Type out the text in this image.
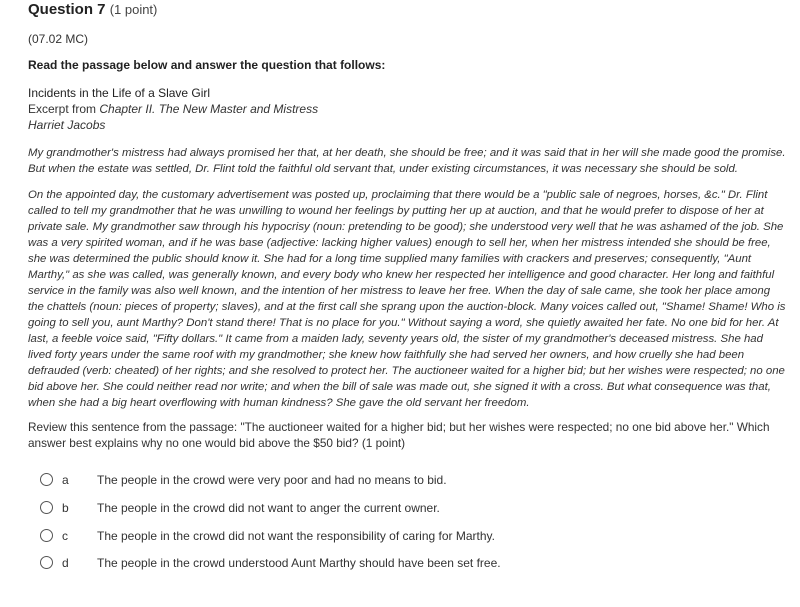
Question 7 (1 point)
(07.02 MC)
Read the passage below and answer the question that follows:
Incidents in the Life of a Slave Girl
Excerpt from Chapter II. The New Master and Mistress
Harriet Jacobs

My grandmother's mistress had always promised her that, at her death, she should be free; and it was said that in her will she made good the promise. But when the estate was settled, Dr. Flint told the faithful old servant that, under existing circumstances, it was necessary she should be sold.

On the appointed day, the customary advertisement was posted up, proclaiming that there would be a "public sale of negroes, horses, &c." Dr. Flint called to tell my grandmother that he was unwilling to wound her feelings by putting her up at auction, and that he would prefer to dispose of her at private sale. My grandmother saw through his hypocrisy (noun: pretending to be good); she understood very well that he was ashamed of the job. She was a very spirited woman, and if he was base (adjective: lacking higher values) enough to sell her, when her mistress intended she should be free, she was determined the public should know it. She had for a long time supplied many families with crackers and preserves; consequently, "Aunt Marthy," as she was called, was generally known, and every body who knew her respected her intelligence and good character. Her long and faithful service in the family was also well known, and the intention of her mistress to leave her free. When the day of sale came, she took her place among the chattels (noun: pieces of property; slaves), and at the first call she sprang upon the auction-block. Many voices called out, "Shame! Shame! Who is going to sell you, aunt Marthy? Don't stand there! That is no place for you." Without saying a word, she quietly awaited her fate. No one bid for her. At last, a feeble voice said, "Fifty dollars." It came from a maiden lady, seventy years old, the sister of my grandmother's deceased mistress. She had lived forty years under the same roof with my grandmother; she knew how faithfully she had served her owners, and how cruelly she had been defrauded (verb: cheated) of her rights; and she resolved to protect her. The auctioneer waited for a higher bid; but her wishes were respected; no one bid above her. She could neither read nor write; and when the bill of sale was made out, she signed it with a cross. But what consequence was that, when she had a big heart overflowing with human kindness? She gave the old servant her freedom.

Review this sentence from the passage: "The auctioneer waited for a higher bid; but her wishes were respected; no one bid above her." Which answer best explains why no one would bid above the $50 bid? (1 point)

a The people in the crowd were very poor and had no means to bid.
b The people in the crowd did not want to anger the current owner.
c The people in the crowd did not want the responsibility of caring for Marthy.
d The people in the crowd understood Aunt Marthy should have been set free.
